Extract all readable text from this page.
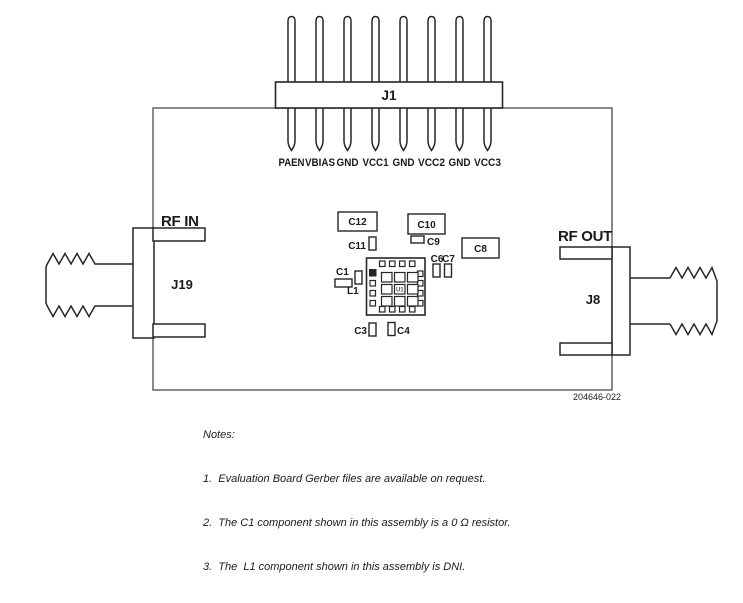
J1
PAEN VBIAS GND VCC1 GND VCC2 GND VCC3
RF IN
J19
RF OUT
J8
C12	C10
C8
C11	C9
C6
C7
C1
L1
C3	C4
U1
204646-022

Notes:

1.  Evaluation Board Gerber files are available on request.

2.  The C1 component shown in this assembly is a 0 Ω resistor.

3.  The  L1 component shown in this assembly is DNI.
